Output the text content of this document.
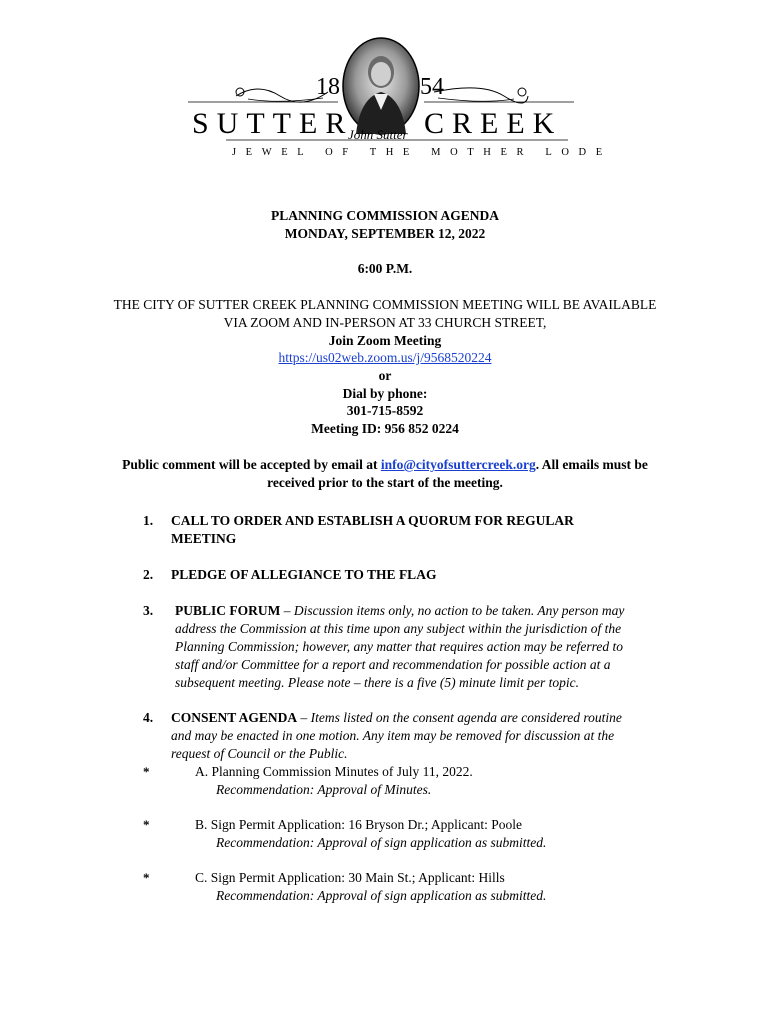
18	54
SUTTER CREEK
John Sutter
JEWEL OF THE MOTHER LODE
PLANNING COMMISSION AGENDA
MONDAY, SEPTEMBER 12, 2022
6:00 P.M.
THE CITY OF SUTTER CREEK PLANNING COMMISSION MEETING WILL BE AVAILABLE
VIA ZOOM AND IN-PERSON AT 33 CHURCH STREET,
Join Zoom Meeting
https://us02web.zoom.us/j/9568520224
or
Dial by phone:
301-715-8592
Meeting ID: 956 852 0224
Public comment will be accepted by email at info@cityofsuttercreek.org. All emails must be
received prior to the start of the meeting.
1. CALL TO ORDER AND ESTABLISH A QUORUM FOR REGULAR
MEETING
2. PLEDGE OF ALLEGIANCE TO THE FLAG
3. PUBLIC FORUM – Discussion items only, no action to be taken. Any person may
address the Commission at this time upon any subject within the jurisdiction of the
Planning Commission; however, any matter that requires action may be referred to
staff and/or Committee for a report and recommendation for possible action at a
subsequent meeting. Please note – there is a five (5) minute limit per topic.
4. CONSENT AGENDA – Items listed on the consent agenda are considered routine
and may be enacted in one motion. Any item may be removed for discussion at the
request of Council or the Public.
*	A. Planning Commission Minutes of July 11, 2022.
Recommendation: Approval of Minutes.
*	B. Sign Permit Application: 16 Bryson Dr.; Applicant: Poole
Recommendation: Approval of sign application as submitted.
*	C. Sign Permit Application: 30 Main St.; Applicant: Hills
Recommendation: Approval of sign application as submitted.
